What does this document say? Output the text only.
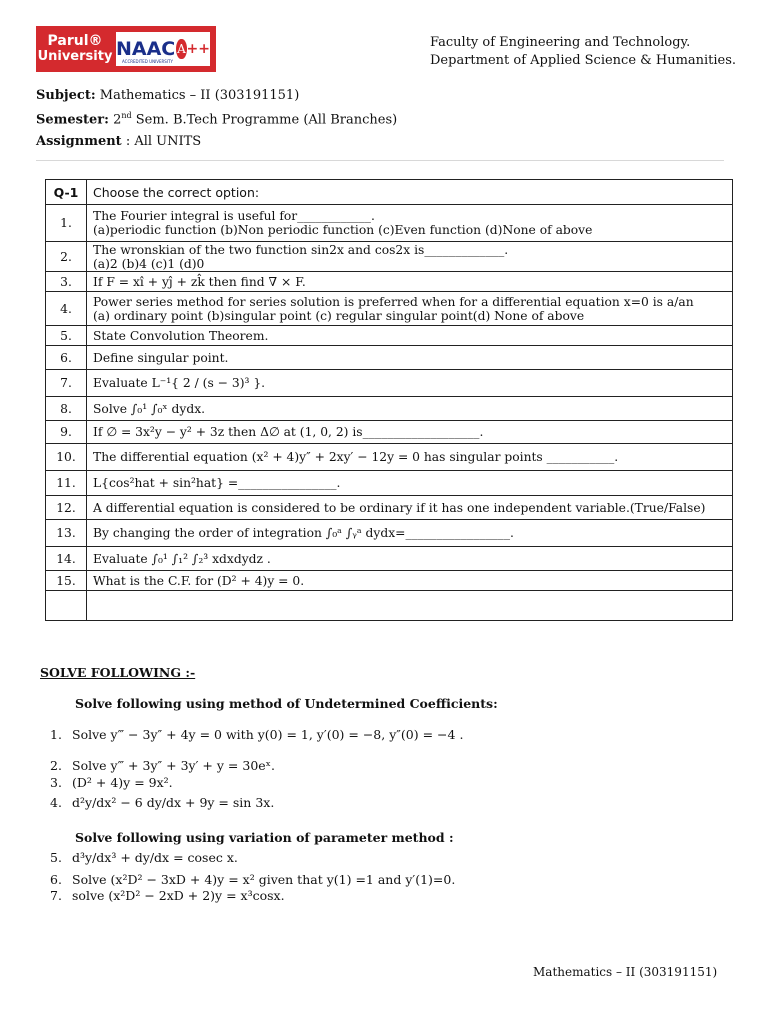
Parul®
University NAAC A ++
ACCREDITED UNIVERSITY
Faculty of Engineering and Technology.
Department of Applied Science & Humanities.
Subject: Mathematics – II (303191151)
Semester: 2nd Sem. B.Tech Programme (All Branches)
Assignment : All UNITS
Q-1	Choose the correct option:
1.	The Fourier integral is useful for____________.
(a)periodic function (b)Non periodic function (c)Even function (d)None of above

2.	The wronskian of the two function sin2x and cos2x is_____________.
(a)2 (b)4 (c)1 (d)0

3.	If F = xî + yĵ + zk̂ then find ∇ × F.

4.	Power series method for series solution is preferred when for a differential equation x=0 is a/an
(a) ordinary point (b)singular point (c) regular singular point(d) None of above

5.	State Convolution Theorem.

6.	Define singular point.

7.	Evaluate L⁻¹{ 2 / (s − 3)³ }.

8.	Solve ∫₀¹ ∫₀ˣ dydx.

9.	If ∅ = 3x²y − y² + 3z then Δ∅ at (1, 0, 2) is___________________.

10.	The differential equation (x² + 4)y″ + 2xy′ − 12y = 0 has singular points ___________.

11.	L{cos²hat + sin²hat} =________________.

12.	A differential equation is considered to be ordinary if it has one independent variable.(True/False)

13.	By changing the order of integration ∫₀ᵃ ∫ᵧᵃ dydx=_________________.

14.	Evaluate ∫₀¹ ∫₁² ∫₂³ xdxdydz .

15.	What is the C.F. for (D² + 4)y = 0.

SOLVE FOLLOWING :-
Solve following using method of Undetermined Coefficients:
1. Solve y‴ − 3y″ + 4y = 0 with y(0) = 1, y′(0) = −8, y″(0) = −4 .
2. Solve y‴ + 3y″ + 3y′ + y = 30eˣ.
3. (D² + 4)y = 9x².
4. d²y/dx² − 6 dy/dx + 9y = sin 3x.
Solve following using variation of parameter method :
5. d³y/dx³ + dy/dx = cosec x.
6. Solve (x²D² − 3xD + 4)y = x² given that y(1) =1 and y′(1)=0.
7. solve (x²D² − 2xD + 2)y = x³cosx.
Mathematics – II (303191151)
